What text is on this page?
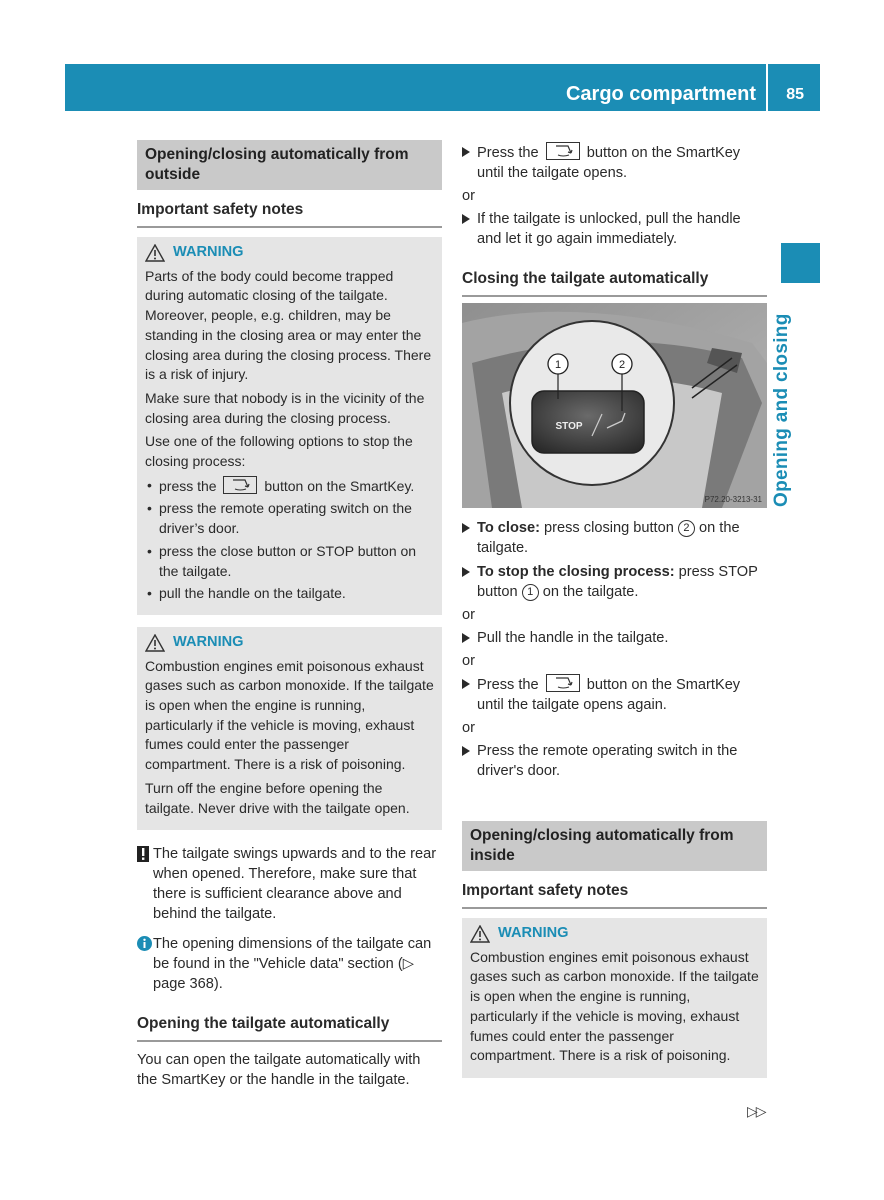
Cargo compartment 85
Opening and closing
Opening/closing automatically from outside
Important safety notes
WARNING

Parts of the body could become trapped during automatic closing of the tailgate. Moreover, people, e.g. children, may be standing in the closing area or may enter the closing area during the closing process. There is a risk of injury.

Make sure that nobody is in the vicinity of the closing area during the closing process.

Use one of the following options to stop the closing process:

• press the	button on the SmartKey.
• press the remote operating switch on the driver’s door.
• press the close button or STOP button on the tailgate.
• pull the handle on the tailgate.
WARNING

Combustion engines emit poisonous exhaust gases such as carbon monoxide. If the tailgate is open when the engine is running, particularly if the vehicle is moving, exhaust fumes could enter the passenger compartment. There is a risk of poisoning.

Turn off the engine before opening the tailgate. Never drive with the tailgate open.

The tailgate swings upwards and to the rear when opened. Therefore, make sure that there is sufficient clearance above and behind the tailgate.
The opening dimensions of the tailgate can be found in the "Vehicle data" section (▷ page 368).
Opening the tailgate automatically

You can open the tailgate automatically with the SmartKey or the handle in the tailgate.

Press the	button on the SmartKey until the tailgate opens.
or
If the tailgate is unlocked, pull the handle and let it go again immediately.
Closing the tailgate automatically
STOP
1	2
P72.20-3213-31
To close: press closing button 2 on the tailgate.
To stop the closing process: press STOP button 1 on the tailgate.
or
Pull the handle in the tailgate.
or
Press the	button on the SmartKey until the tailgate opens again.
or
Press the remote operating switch in the driver's door.
Opening/closing automatically from inside
Important safety notes
WARNING

Combustion engines emit poisonous exhaust gases such as carbon monoxide. If the tailgate is open when the engine is running, particularly if the vehicle is moving, exhaust fumes could enter the passenger compartment. There is a risk of poisoning.

▷▷
